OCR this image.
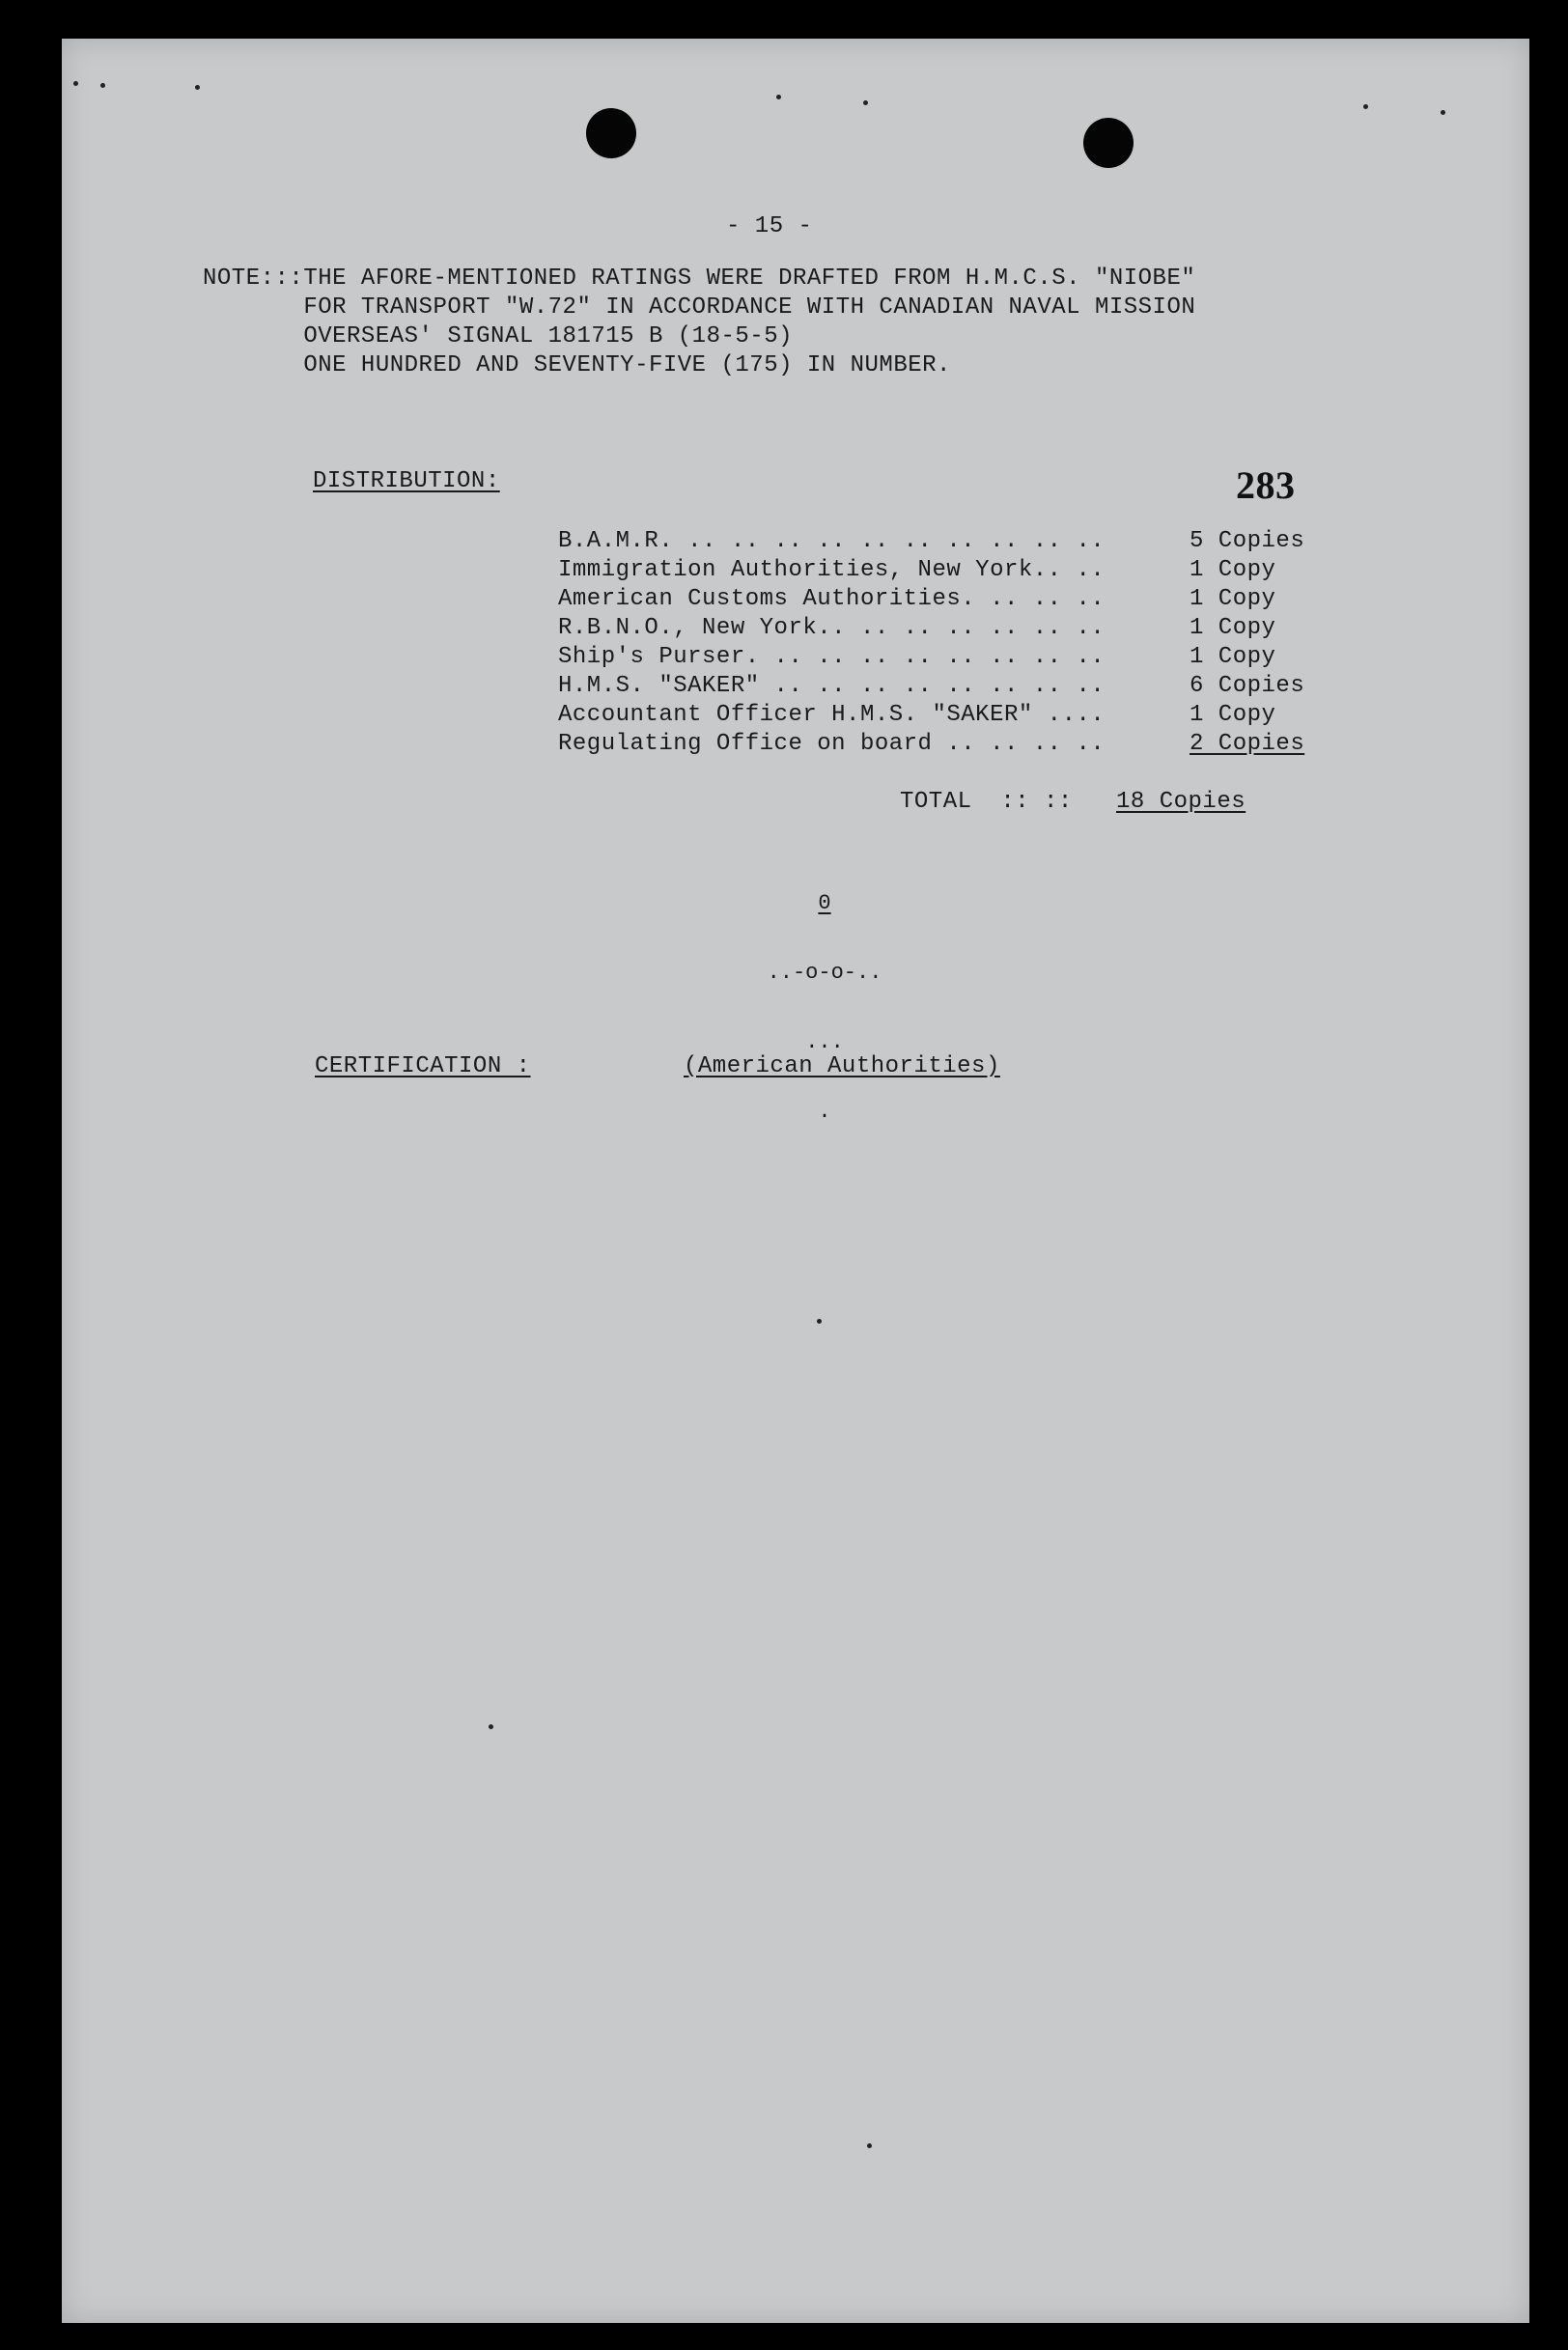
- 15 -
NOTE:::THE AFORE-MENTIONED RATINGS WERE DRAFTED FROM H.M.C.S. "NIOBE"
FOR TRANSPORT "W.72" IN ACCORDANCE WITH CANADIAN NAVAL MISSION
OVERSEAS' SIGNAL 181715 B (18-5-5)
ONE HUNDRED AND SEVENTY-FIVE (175) IN NUMBER.
DISTRIBUTION:	283
B.A.M.R. .. .. .. .. .. .. .. .. .. ..	5 Copies
Immigration Authorities, New York.. ..	1 Copy
American Customs Authorities. .. .. ..	1 Copy
R.B.N.O., New York.. .. .. .. .. .. ..	1 Copy
Ship's Purser. .. .. .. .. .. .. .. ..	1 Copy
H.M.S. "SAKER" .. .. .. .. .. .. .. ..	6 Copies
Accountant Officer H.M.S. "SAKER" ....	1 Copy
Regulating Office on board .. .. .. ..	2 Copies
TOTAL  :: :: 18 Copies

0

..-o-o-..

...

.

CERTIFICATION :	(American Authorities)
